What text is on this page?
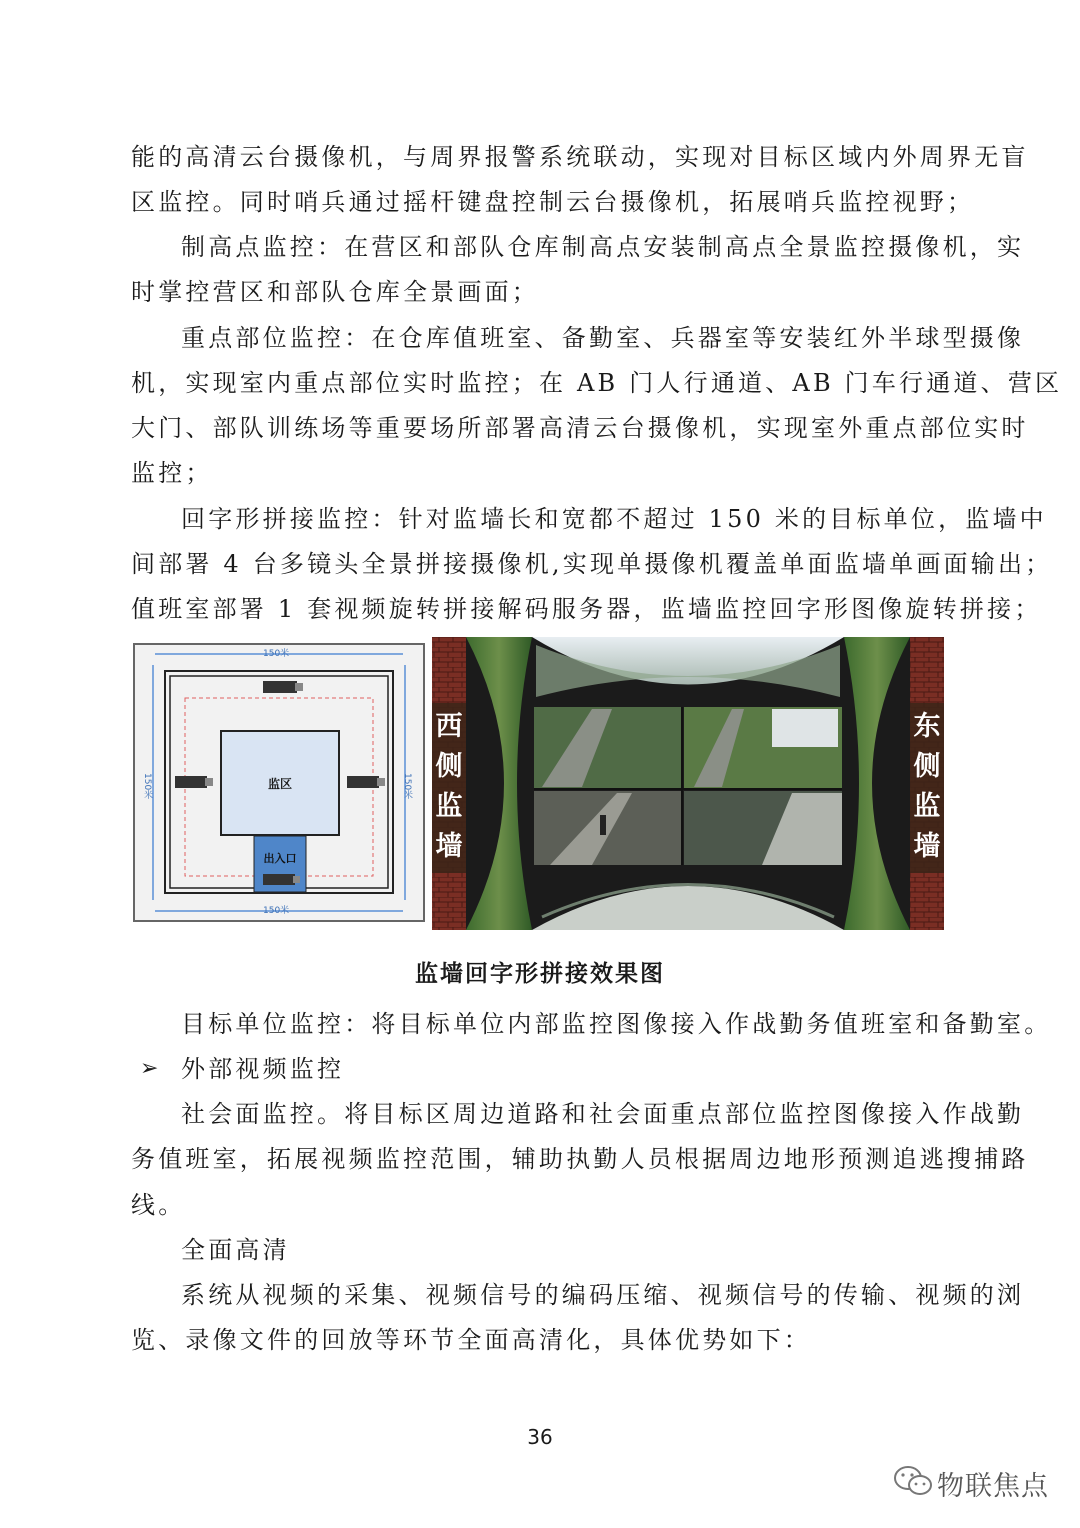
能的高清云台摄像机，与周界报警系统联动，实现对目标区域内外周界无盲
区监控。同时哨兵通过摇杆键盘控制云台摄像机，拓展哨兵监控视野；
制高点监控：在营区和部队仓库制高点安装制高点全景监控摄像机，实
时掌控营区和部队仓库全景画面；
重点部位监控：在仓库值班室、备勤室、兵器室等安装红外半球型摄像
机，实现室内重点部位实时监控；在 AB 门人行通道、AB 门车行通道、营区
大门、部队训练场等重要场所部署高清云台摄像机，实现室外重点部位实时
监控；
回字形拼接监控：针对监墙长和宽都不超过 150 米的目标单位，监墙中
间部署 4 台多镜头全景拼接摄像机,实现单摄像机覆盖单面监墙单画面输出；
值班室部署 1 套视频旋转拼接解码服务器，监墙监控回字形图像旋转拼接；
150米
150米
150米	150米
监区
出入口
西
侧
监
墙
东
侧
监
墙
监墙回字形拼接效果图
目标单位监控：将目标单位内部监控图像接入作战勤务值班室和备勤室。
➢ 外部视频监控
社会面监控。将目标区周边道路和社会面重点部位监控图像接入作战勤
务值班室，拓展视频监控范围，辅助执勤人员根据周边地形预测追逃搜捕路
线。
全面高清
系统从视频的采集、视频信号的编码压缩、视频信号的传输、视频的浏
览、录像文件的回放等环节全面高清化，具体优势如下：
36
物联焦点
